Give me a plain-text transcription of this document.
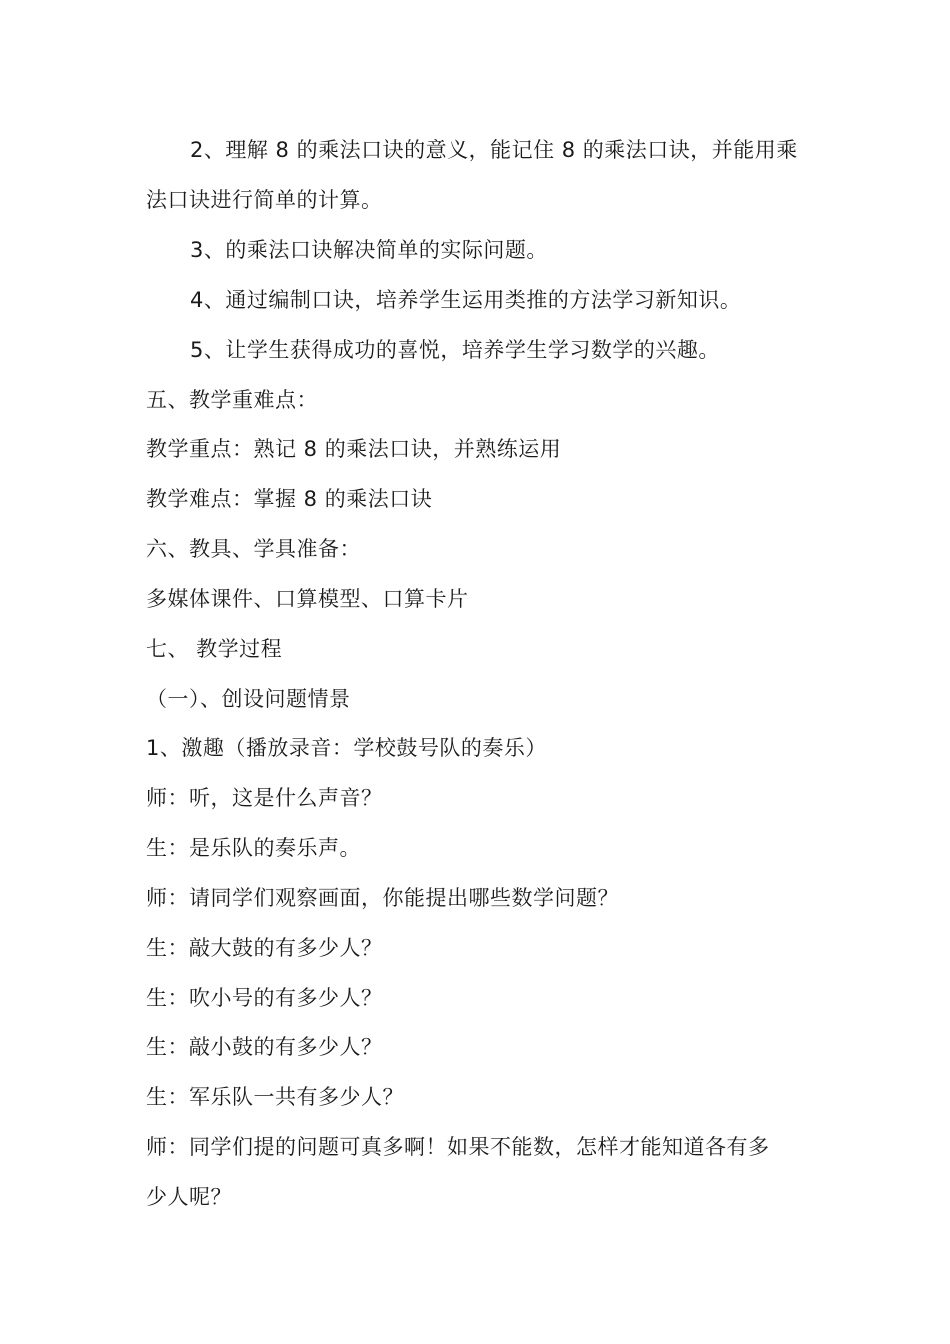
2、理解 8 的乘法口诀的意义，能记住 8 的乘法口诀，并能用乘
法口诀进行简单的计算。
3、的乘法口诀解决简单的实际问题。
4、通过编制口诀，培养学生运用类推的方法学习新知识。
5、让学生获得成功的喜悦，培养学生学习数学的兴趣。
五、教学重难点：
教学重点：熟记 8 的乘法口诀，并熟练运用
教学难点：掌握 8 的乘法口诀
六、教具、学具准备：
多媒体课件、口算模型、口算卡片
七、 教学过程
（一）、创设问题情景
1、激趣（播放录音：学校鼓号队的奏乐）
师：听，这是什么声音？
生：是乐队的奏乐声。
师：请同学们观察画面，你能提出哪些数学问题？
生：敲大鼓的有多少人？
生：吹小号的有多少人？
生：敲小鼓的有多少人？
生：军乐队一共有多少人？
师：同学们提的问题可真多啊！如果不能数，怎样才能知道各有多
少人呢？
